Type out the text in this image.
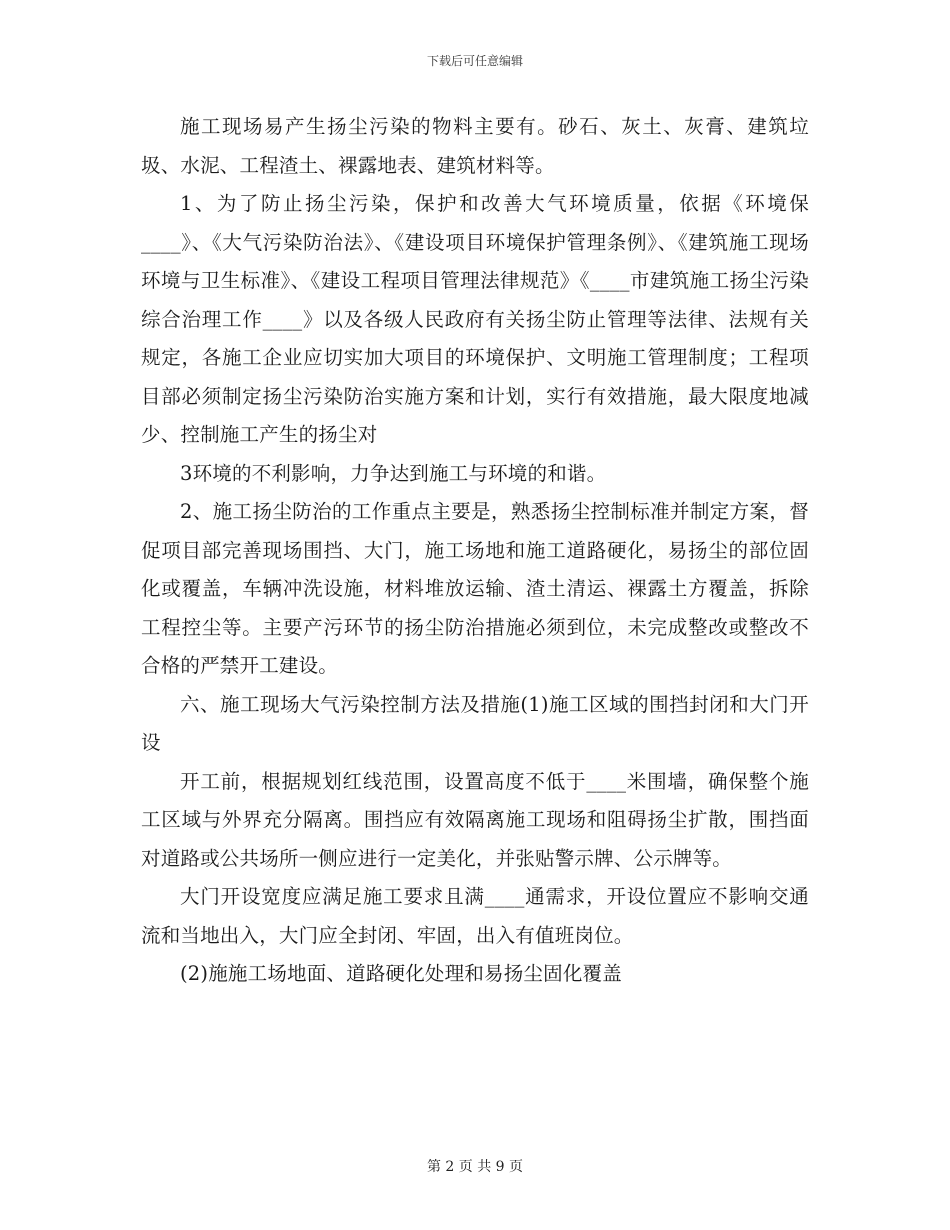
下载后可任意编辑

施工现场易产生扬尘污染的物料主要有。砂石、灰土、灰膏、建筑垃圾、水泥、工程渣土、裸露地表、建筑材料等。

1、为了防止扬尘污染，保护和改善大气环境质量，依据《环境保____》、《大气污染防治法》、《建设项目环境保护管理条例》、《建筑施工现场环境与卫生标准》、《建设工程项目管理法律规范》《____市建筑施工扬尘污染综合治理工作____》以及各级人民政府有关扬尘防止管理等法律、法规有关规定，各施工企业应切实加大项目的环境保护、文明施工管理制度；工程项目部必须制定扬尘污染防治实施方案和计划，实行有效措施，最大限度地减少、控制施工产生的扬尘对

3环境的不利影响，力争达到施工与环境的和谐。

2、施工扬尘防治的工作重点主要是，熟悉扬尘控制标准并制定方案，督促项目部完善现场围挡、大门，施工场地和施工道路硬化，易扬尘的部位固化或覆盖，车辆冲洗设施，材料堆放运输、渣土清运、裸露土方覆盖，拆除工程控尘等。主要产污环节的扬尘防治措施必须到位，未完成整改或整改不合格的严禁开工建设。

六、施工现场大气污染控制方法及措施(1)施工区域的围挡封闭和大门开设

开工前，根据规划红线范围，设置高度不低于____米围墙，确保整个施工区域与外界充分隔离。围挡应有效隔离施工现场和阻碍扬尘扩散，围挡面对道路或公共场所一侧应进行一定美化，并张贴警示牌、公示牌等。

大门开设宽度应满足施工要求且满____通需求，开设位置应不影响交通流和当地出入，大门应全封闭、牢固，出入有值班岗位。

(2)施施工场地面、道路硬化处理和易扬尘固化覆盖

第 2 页 共 9 页
